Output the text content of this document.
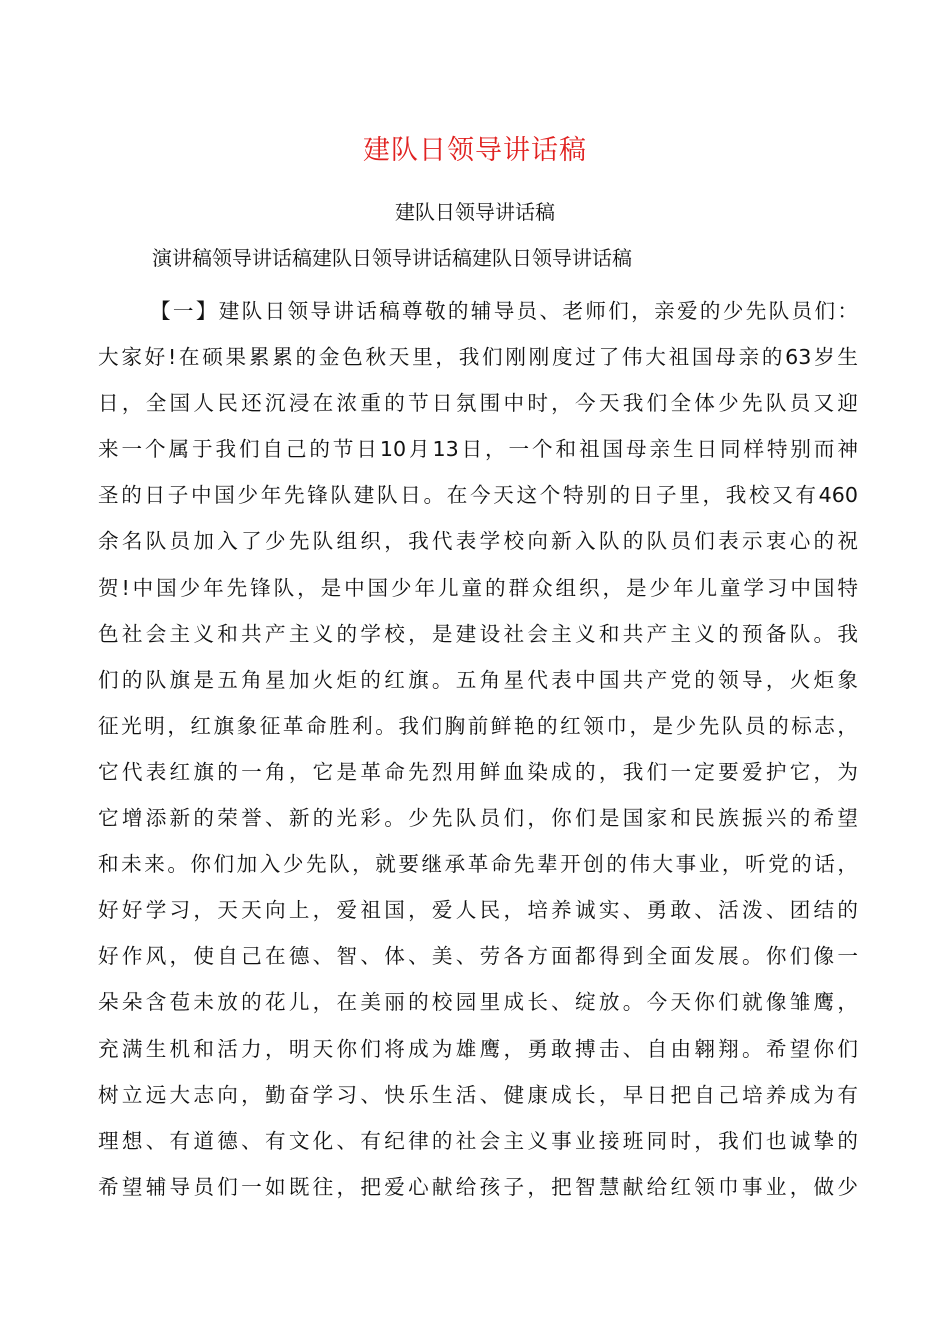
建队日领导讲话稿

建队日领导讲话稿

演讲稿领导讲话稿建队日领导讲话稿建队日领导讲话稿

【一】建队日领导讲话稿尊敬的辅导员、老师们，亲爱的少先队员们：
大家好!在硕果累累的金色秋天里，我们刚刚度过了伟大祖国母亲的63岁生
日，全国人民还沉浸在浓重的节日氛围中时，今天我们全体少先队员又迎
来一个属于我们自己的节日10月13日，一个和祖国母亲生日同样特别而神
圣的日子中国少年先锋队建队日。在今天这个特别的日子里，我校又有460
余名队员加入了少先队组织，我代表学校向新入队的队员们表示衷心的祝
贺!中国少年先锋队，是中国少年儿童的群众组织，是少年儿童学习中国特
色社会主义和共产主义的学校，是建设社会主义和共产主义的预备队。我
们的队旗是五角星加火炬的红旗。五角星代表中国共产党的领导，火炬象
征光明，红旗象征革命胜利。我们胸前鲜艳的红领巾，是少先队员的标志，
它代表红旗的一角，它是革命先烈用鲜血染成的，我们一定要爱护它，为
它增添新的荣誉、新的光彩。少先队员们，你们是国家和民族振兴的希望
和未来。你们加入少先队，就要继承革命先辈开创的伟大事业，听党的话，
好好学习，天天向上，爱祖国，爱人民，培养诚实、勇敢、活泼、团结的
好作风，使自己在德、智、体、美、劳各方面都得到全面发展。你们像一
朵朵含苞未放的花儿，在美丽的校园里成长、绽放。今天你们就像雏鹰，
充满生机和活力，明天你们将成为雄鹰，勇敢搏击、自由翱翔。希望你们
树立远大志向，勤奋学习、快乐生活、健康成长，早日把自己培养成为有
理想、有道德、有文化、有纪律的社会主义事业接班同时，我们也诚挚的
希望辅导员们一如既往，把爱心献给孩子，把智慧献给红领巾事业，做少
